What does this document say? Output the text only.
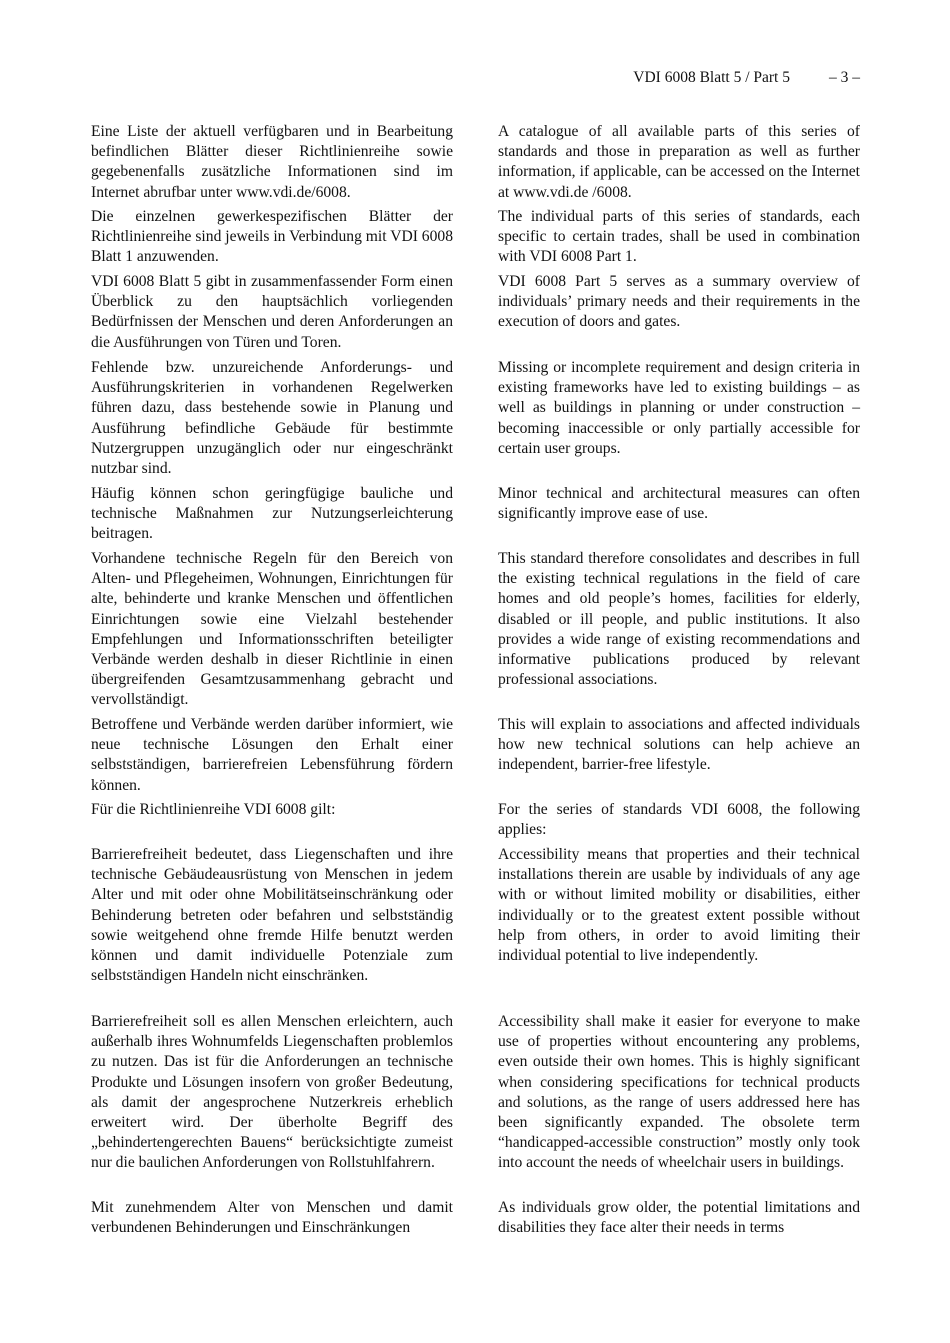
VDI 6008 Blatt 5 / Part 5	– 3 –

Eine Liste der aktuell verfügbaren und in Bearbeitung befindlichen Blätter dieser Richtlinienreihe sowie gegebenenfalls zusätzliche Informationen sind im Internet abrufbar unter www.vdi.de/6008.

Die einzelnen gewerkespezifischen Blätter der Richtlinienreihe sind jeweils in Verbindung mit VDI 6008 Blatt 1 anzuwenden.

VDI 6008 Blatt 5 gibt in zusammenfassender Form einen Überblick zu den hauptsächlich vorliegenden Bedürfnissen der Menschen und deren Anforderungen an die Ausführungen von Türen und Toren.

Fehlende bzw. unzureichende Anforderungs- und Ausführungskriterien in vorhandenen Regelwerken führen dazu, dass bestehende sowie in Planung und Ausführung befindliche Gebäude für bestimmte Nutzergruppen unzugänglich oder nur eingeschränkt nutzbar sind.

Häufig können schon geringfügige bauliche und technische Maßnahmen zur Nutzungserleichterung beitragen.

Vorhandene technische Regeln für den Bereich von Alten- und Pflegeheimen, Wohnungen, Einrichtungen für alte, behinderte und kranke Menschen und öffentlichen Einrichtungen sowie eine Vielzahl bestehender Empfehlungen und Informationsschriften beteiligter Verbände werden deshalb in dieser Richtlinie in einen übergreifenden Gesamtzusammenhang gebracht und vervollständigt.

Betroffene und Verbände werden darüber informiert, wie neue technische Lösungen den Erhalt einer selbstständigen, barrierefreien Lebensführung fördern können.

Für die Richtlinienreihe VDI 6008 gilt:

Barrierefreiheit bedeutet, dass Liegenschaften und ihre technische Gebäudeausrüstung von Menschen in jedem Alter und mit oder ohne Mobilitätseinschränkung oder Behinderung betreten oder befahren und selbstständig sowie weitgehend ohne fremde Hilfe benutzt werden können und damit individuelle Potenziale zum selbstständigen Handeln nicht einschränken.

Barrierefreiheit soll es allen Menschen erleichtern, auch außerhalb ihres Wohnumfelds Liegenschaften problemlos zu nutzen. Das ist für die Anforderungen an technische Produkte und Lösungen insofern von großer Bedeutung, als damit der angesprochene Nutzerkreis erheblich erweitert wird. Der überholte Begriff des „behindertengerechten Bauens“ berücksichtigte zumeist nur die baulichen Anforderungen von Rollstuhlfahrern.

Mit zunehmendem Alter von Menschen und damit verbundenen Behinderungen und Einschränkungen

A catalogue of all available parts of this series of standards and those in preparation as well as further information, if applicable, can be accessed on the Internet at www.vdi.de /6008.

The individual parts of this series of standards, each specific to certain trades, shall be used in combination with VDI 6008 Part 1.

VDI 6008 Part 5 serves as a summary overview of individuals’ primary needs and their requirements in the execution of doors and gates.

Missing or incomplete requirement and design criteria in existing frameworks have led to existing buildings – as well as buildings in planning or under construction – becoming inaccessible or only partially accessible for certain user groups.

Minor technical and architectural measures can often significantly improve ease of use.

This standard therefore consolidates and describes in full the existing technical regulations in the field of care homes and old people’s homes, facilities for elderly, disabled or ill people, and public institutions. It also provides a wide range of existing recommendations and informative publications produced by relevant professional associations.

This will explain to associations and affected individuals how new technical solutions can help achieve an independent, barrier-free lifestyle.

For the series of standards VDI 6008, the following applies:

Accessibility means that properties and their technical installations therein are usable by individuals of any age with or without limited mobility or disabilities, either individually or to the greatest extent possible without help from others, in order to avoid limiting their individual potential to live independently.

Accessibility shall make it easier for everyone to make use of properties without encountering any problems, even outside their own homes. This is highly significant when considering specifications for technical products and solutions, as the range of users addressed here has been significantly expanded. The obsolete term “handicapped-accessible construction” mostly only took into account the needs of wheelchair users in buildings.

As individuals grow older, the potential limitations and disabilities they face alter their needs in terms
